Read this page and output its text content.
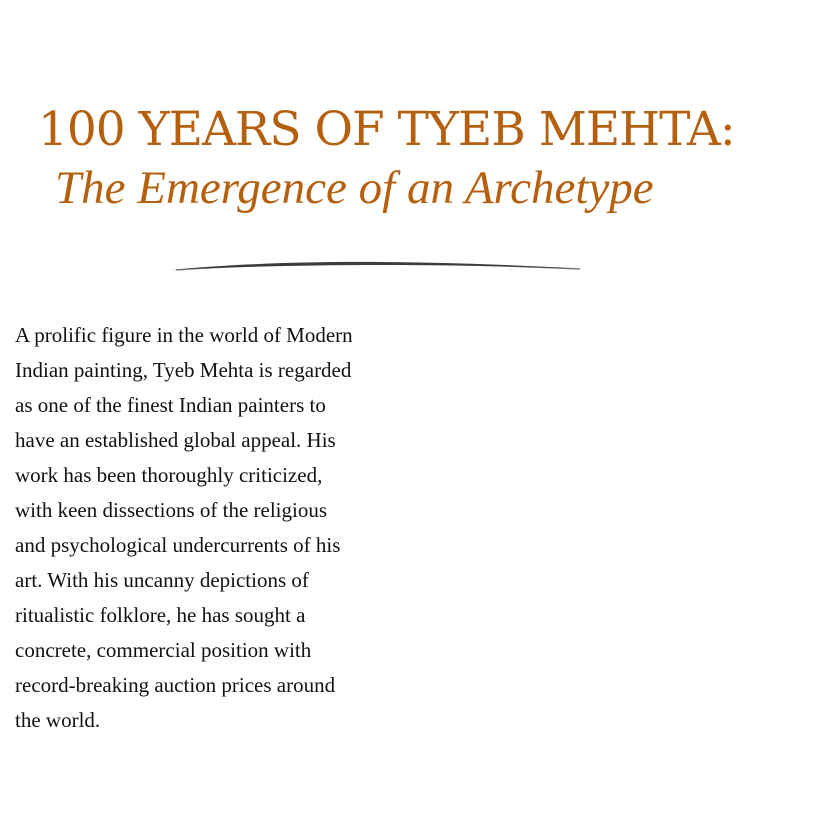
100 YEARS OF TYEB MEHTA:
The Emergence of an Archetype

A prolific figure in the world of Modern Indian painting, Tyeb Mehta is regarded as one of the finest Indian painters to have an established global appeal. His work has been thoroughly criticized, with keen dissections of the religious and psychological undercurrents of his art. With his uncanny depictions of ritualistic folklore, he has sought a concrete, commercial position with record-breaking auction prices around the world.
